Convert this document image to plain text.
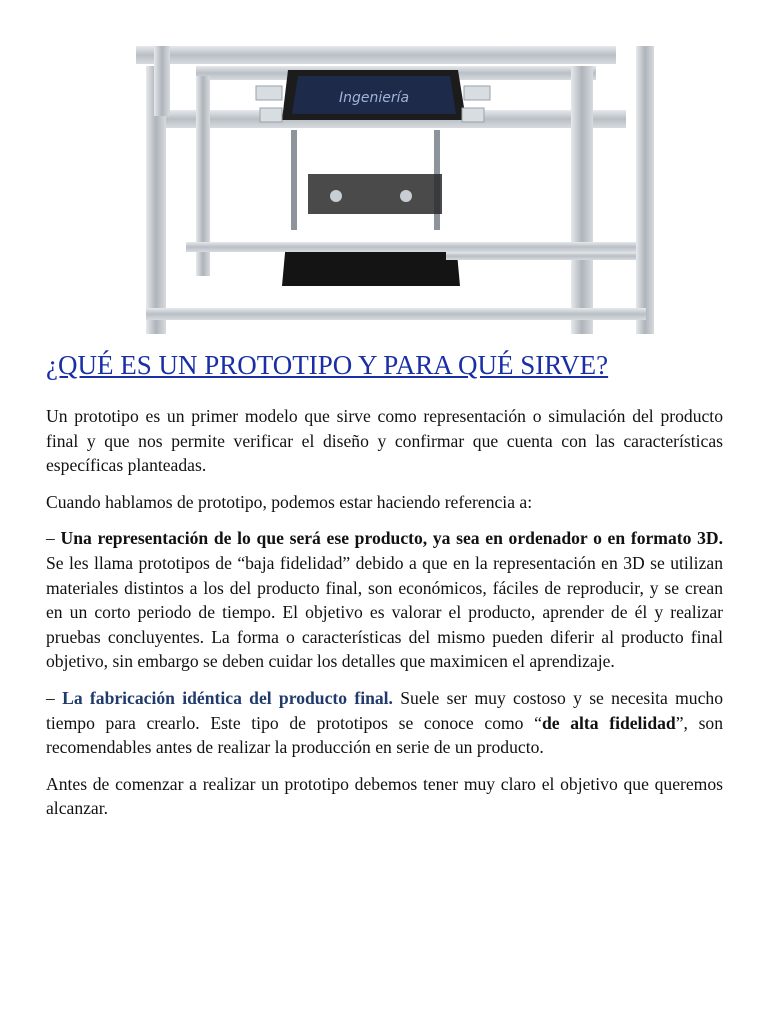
Ingeniería
¿QUÉ ES UN PROTOTIPO Y PARA QUÉ SIRVE?

Un prototipo es un primer modelo que sirve como representación o simulación del producto final y que nos permite verificar el diseño y confirmar que cuenta con las características específicas planteadas.

Cuando hablamos de prototipo, podemos estar haciendo referencia a:

– Una representación de lo que será ese producto, ya sea en ordenador o en formato 3D. Se les llama prototipos de “baja fidelidad” debido a que en la representación en 3D se utilizan materiales distintos a los del producto final, son económicos, fáciles de reproducir, y se crean en un corto periodo de tiempo. El objetivo es valorar el producto, aprender de él y realizar pruebas concluyentes. La forma o características del mismo pueden diferir al producto final objetivo, sin embargo se deben cuidar los detalles que maximicen el aprendizaje.

– La fabricación idéntica del producto final. Suele ser muy costoso y se necesita mucho tiempo para crearlo. Este tipo de prototipos se conoce como “de alta fidelidad”, son recomendables antes de realizar la producción en serie de un producto.

Antes de comenzar a realizar un prototipo debemos tener muy claro el objetivo que queremos alcanzar.
